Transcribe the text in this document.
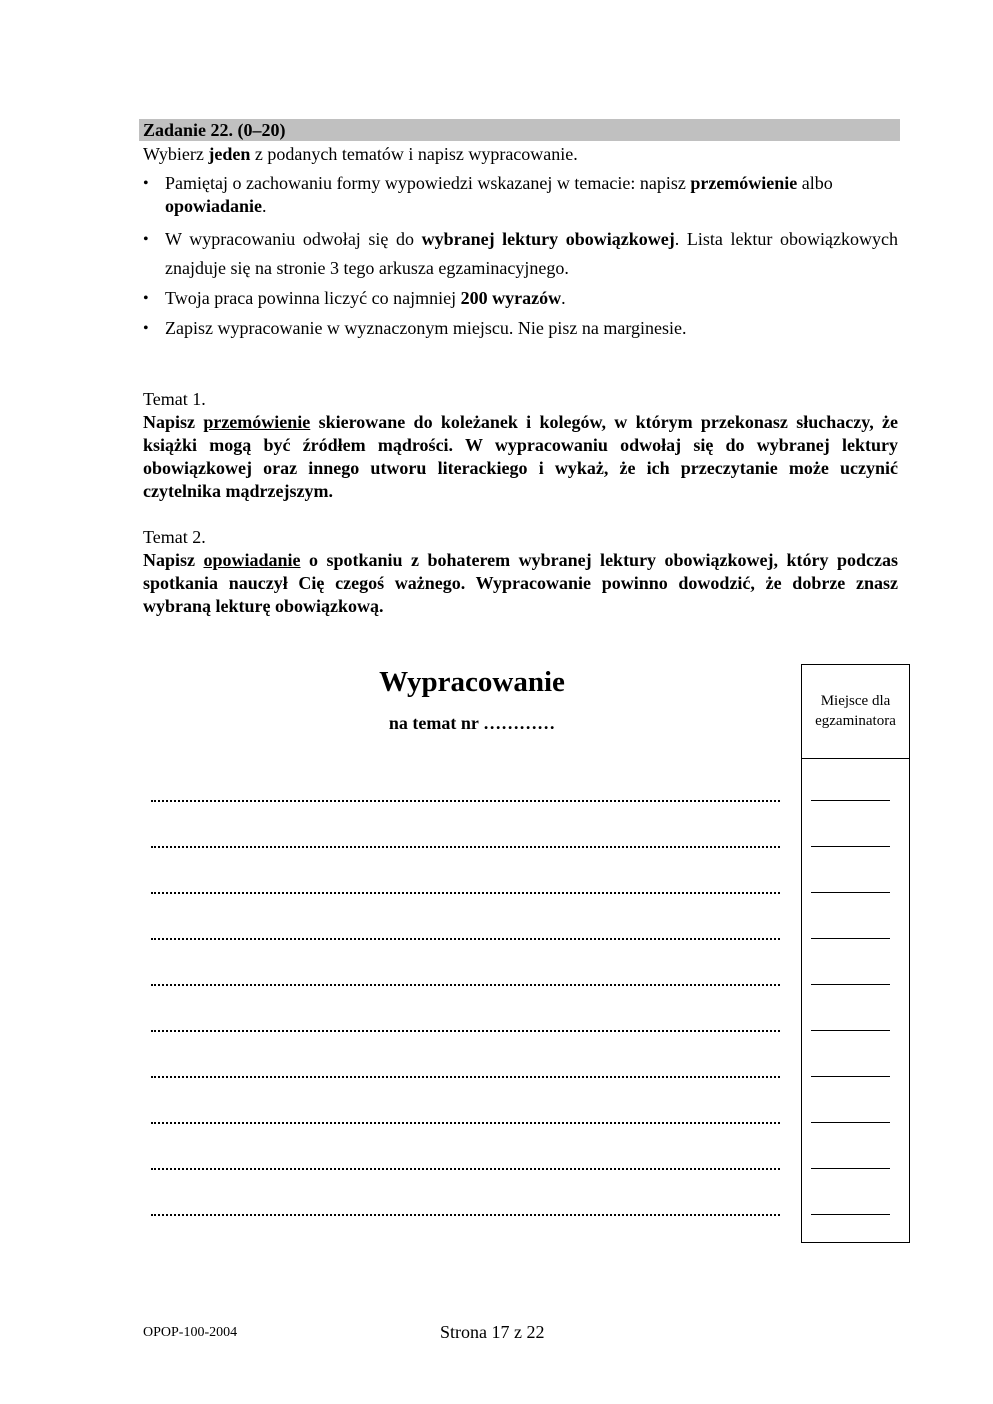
Zadanie 22. (0–20)
Wybierz jeden z podanych tematów i napisz wypracowanie.
• Pamiętaj o zachowaniu formy wypowiedzi wskazanej w temacie: napisz przemówienie albo opowiadanie.
• W wypracowaniu odwołaj się do wybranej lektury obowiązkowej. Lista lektur obowiązkowych znajduje się na stronie 3 tego arkusza egzaminacyjnego.
• Twoja praca powinna liczyć co najmniej 200 wyrazów.
• Zapisz wypracowanie w wyznaczonym miejscu. Nie pisz na marginesie.
Temat 1.
Napisz przemówienie skierowane do koleżanek i kolegów, w którym przekonasz słuchaczy, że książki mogą być źródłem mądrości. W wypracowaniu odwołaj się do wybranej lektury obowiązkowej oraz innego utworu literackiego i wykaż, że ich przeczytanie może uczynić czytelnika mądrzejszym.
Temat 2.
Napisz opowiadanie o spotkaniu z bohaterem wybranej lektury obowiązkowej, który podczas spotkania nauczył Cię czegoś ważnego. Wypracowanie powinno dowodzić, że dobrze znasz wybraną lekturę obowiązkową.
Wypracowanie
na temat nr …………
Miejsce dla
egzaminatora
OPOP-100-2004	Strona 17 z 22
